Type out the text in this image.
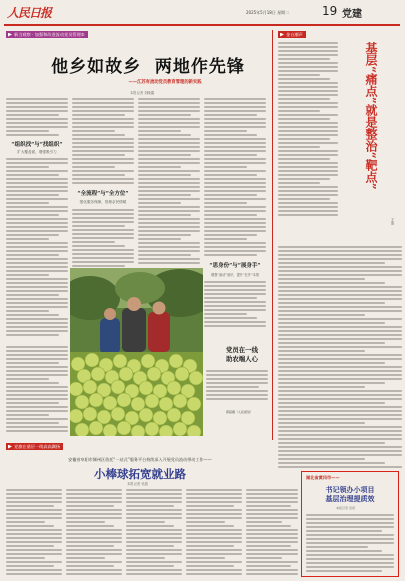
人民日报	2025年5月18日 星期二	19 党建
新当观察 · 加强和改进流动党员管理②
他乡如故乡  两地作先锋
——江苏有流动党员教育管理的新实践
本报记者 刘晓鑫
“全流程”与“全方位”
强化服务保障，管理亲民情暖
“思身份”与“展身手”
增强“流动”意识，提升“在外”本领
“组织找”与“找组织”
扩大覆盖面，增强吸引力
党员在一线
助农端人心
郭超摄（人民视觉）
金台潮声
基层“痛点”就是整治“靶点”
王浩
党旗在基层一线高高飘扬
安徽省阜阳市颍州区依托“一站式”服务平台持续深入开展党员流动带动工作——
小棒球拓宽就业路
本报记者 吴超
湖北省黄冈市——
书记领办小项目
基层治理提质效
本报记者 吴君
